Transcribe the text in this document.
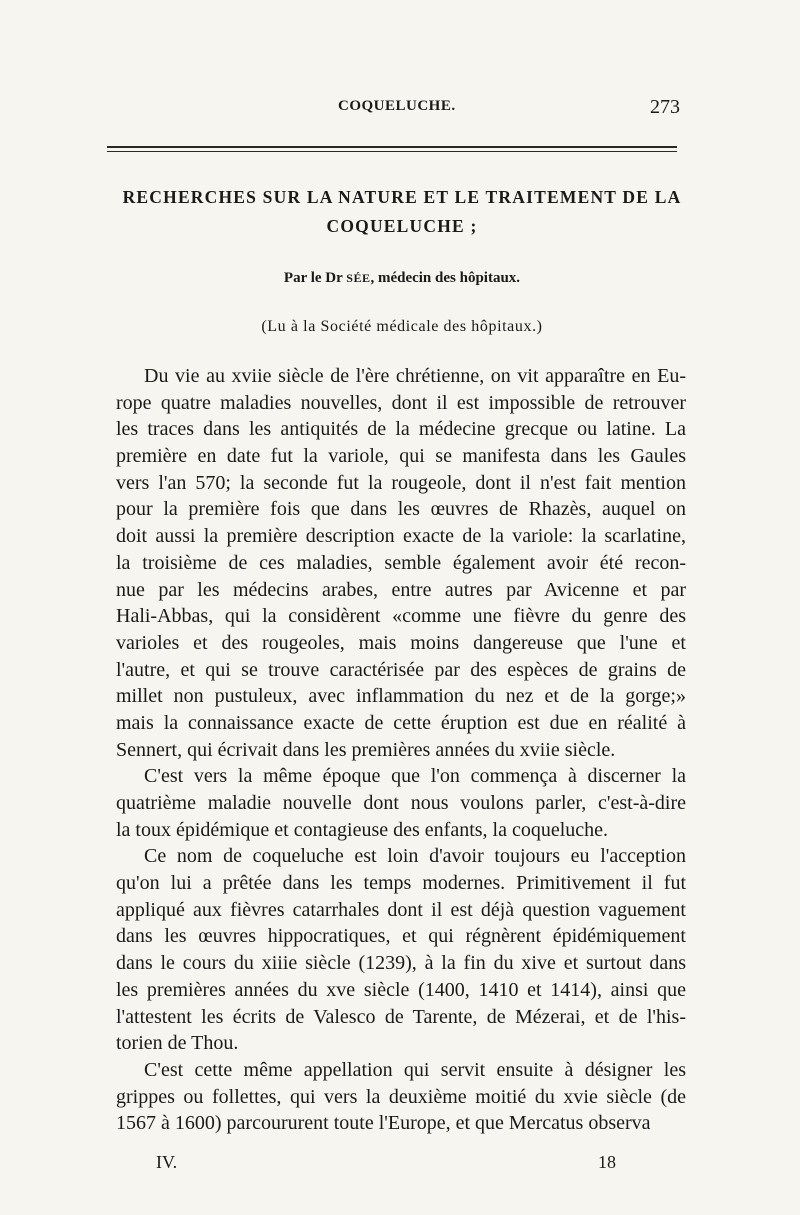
COQUELUCHE.	273
RECHERCHES SUR LA NATURE ET LE TRAITEMENT DE LA
COQUELUCHE ;
Par le Dr SÉE, médecin des hôpitaux.
(Lu à la Société médicale des hôpitaux.)
Du vie au xviie siècle de l'ère chrétienne, on vit apparaître en Eu-
rope quatre maladies nouvelles, dont il est impossible de retrouver
les traces dans les antiquités de la médecine grecque ou latine. La
première en date fut la variole, qui se manifesta dans les Gaules
vers l'an 570; la seconde fut la rougeole, dont il n'est fait mention
pour la première fois que dans les œuvres de Rhazès, auquel on
doit aussi la première description exacte de la variole: la scarlatine,
la troisième de ces maladies, semble également avoir été recon-
nue par les médecins arabes, entre autres par Avicenne et par
Hali-Abbas, qui la considèrent «comme une fièvre du genre des
varioles et des rougeoles, mais moins dangereuse que l'une et
l'autre, et qui se trouve caractérisée par des espèces de grains de
millet non pustuleux, avec inflammation du nez et de la gorge;»
mais la connaissance exacte de cette éruption est due en réalité à
Sennert, qui écrivait dans les premières années du xviie siècle.
C'est vers la même époque que l'on commença à discerner la
quatrième maladie nouvelle dont nous voulons parler, c'est-à-dire
la toux épidémique et contagieuse des enfants, la coqueluche.
Ce nom de coqueluche est loin d'avoir toujours eu l'acception
qu'on lui a prêtée dans les temps modernes. Primitivement il fut
appliqué aux fièvres catarrhales dont il est déjà question vaguement
dans les œuvres hippocratiques, et qui régnèrent épidémiquement
dans le cours du xiiie siècle (1239), à la fin du xive et surtout dans
les premières années du xve siècle (1400, 1410 et 1414), ainsi que
l'attestent les écrits de Valesco de Tarente, de Mézerai, et de l'his-
torien de Thou.
C'est cette même appellation qui servit ensuite à désigner les
grippes ou follettes, qui vers la deuxième moitié du xvie siècle (de
1567 à 1600) parcoururent toute l'Europe, et que Mercatus observa
IV.	18
